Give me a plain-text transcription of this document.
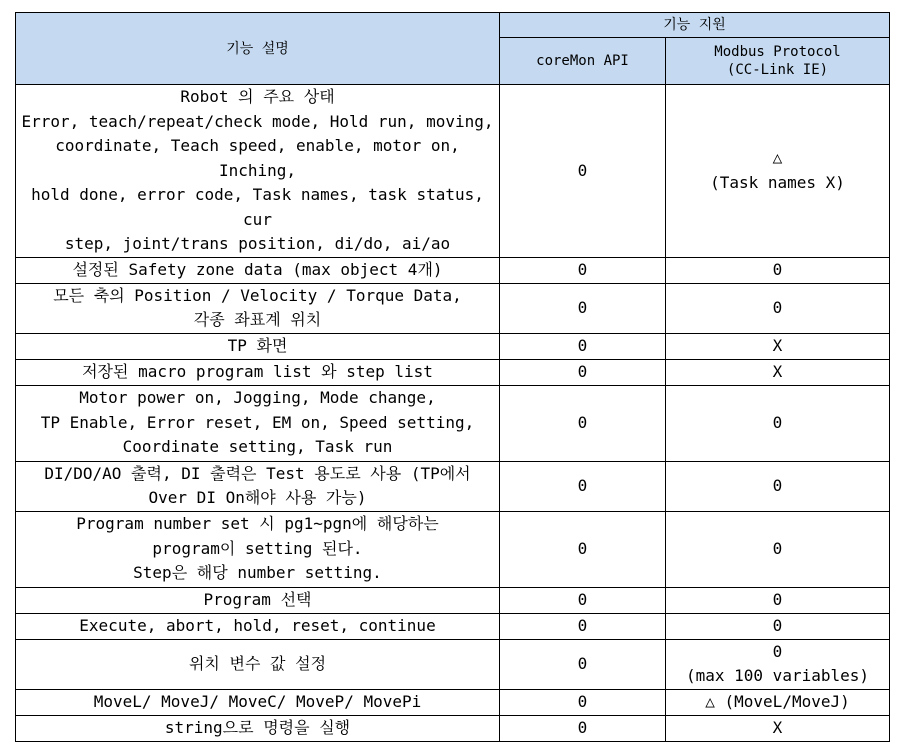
기능 설명	기능 지원	
	coreMon API	Modbus Protocol
(CC-Link IE)

Robot 의 주요 상태
Error, teach/repeat/check mode, Hold run, moving,
coordinate, Teach speed, enable, motor on, Inching,
hold done, error code, Task names, task status, cur
step, joint/trans position, di/do, ai/ao	0	△
(Task names X)

설정된 Safety zone data (max object 4개)	0	0

모든 축의 Position / Velocity / Torque Data,
각종 좌표계 위치	0	0

TP 화면	0	X

저장된 macro program list 와 step list	0	X

Motor power on, Jogging, Mode change,
TP Enable, Error reset, EM on, Speed setting,
Coordinate setting, Task run	0	0

DI/DO/AO 출력, DI 출력은 Test 용도로 사용 (TP에서
Over DI On해야 사용 가능)	0	0

Program number set 시 pg1~pgn에 해당하는
program이 setting 된다.
Step은 해당 number setting.	0	0

Program 선택	0	0

Execute, abort, hold, reset, continue	0	0

위치 변수 값 설정	0	0
(max 100 variables)

MoveL/ MoveJ/ MoveC/ MoveP/ MovePi	0	△ (MoveL/MoveJ)

string으로 명령을 실행	0	X
